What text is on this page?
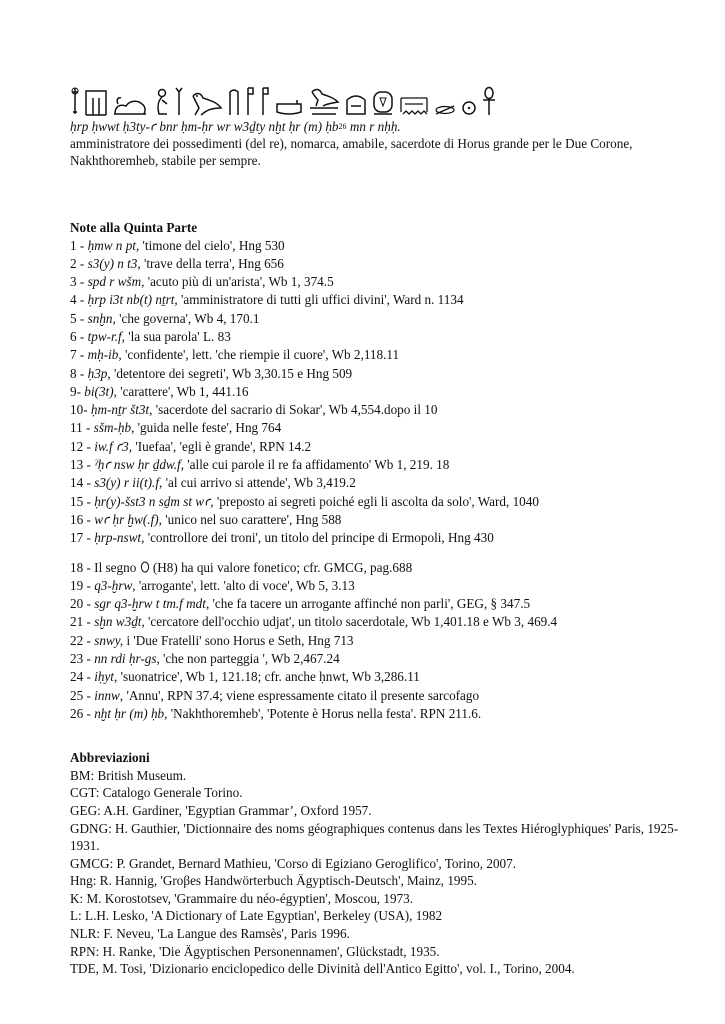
ḥrp ḥwwt ḥ3ty-ꜥ bnr ḥm-ḥr wr w3ḏty nḫt ḥr (m) ḥb$^{26}$ mn r nḥḥ.
amministratore dei possedimenti (del re), nomarca, amabile, sacerdote di Horus grande per le Due Corone, Nakhthoremheb, stabile per sempre.
Note alla Quinta Parte
1 - ḥmw n pt, 'timone del cielo', Hng 530
2 - s3(y) n t3, 'trave della terra', Hng 656
3 - spd r wšm, 'acuto più di un'arista', Wb 1, 374.5
4 - ḥrp i3t nb(t) nṯrt, 'amministratore di tutti gli uffici divini', Ward n. 1134
5 - snḫn, 'che governa', Wb 4, 170.1
6 - tpw-r.f, 'la sua parola' L. 83
7 - mḥ-ib, 'confidente', lett. 'che riempie il cuore', Wb 2,118.11
8 - ḥ3p, 'detentore dei segreti', Wb 3,30.15 e Hng 509
9- bi(3t), 'carattere', Wb 1, 441.16
10- ḥm-nṯr št3t, 'sacerdote del sacrario di Sokar', Wb 4,554.dopo il 10
11 - sšm-ḥb, 'guida nelle feste', Hng 764
12 - iw.f ꜥ3, 'Iuefaa', 'egli è grande', RPN 14.2
13 - ˀḥꜥ nsw ḥr ḏdw.f, 'alle cui parole il re fa affidamento' Wb 1, 219. 18
14 - s3(y) r ii(t).f, 'al cui arrivo si attende', Wb 3,419.2
15 - ḥr(y)-šst3 n sḏm st wꜥ, 'preposto ai segreti poiché egli li ascolta da solo', Ward, 1040
16 - wꜥ ḥr ḫw(.f), 'unico nel suo carattere', Hng 588
17 - ḥrp-nswt, 'controllore dei troni', un titolo del principe di Ermopoli, Hng 430
18 - Il segno  (H8) ha qui valore fonetico; cfr. GMCG, pag.688
19 - q3-ḫrw, 'arrogante', lett. 'alto di voce', Wb 5, 3.13
20 - sgr q3-ḫrw t tm.f mdt, 'che fa tacere un arrogante affinché non parli', GEG, § 347.5
21 - sḫn w3ḏt, 'cercatore dell'occhio udjat', un titolo sacerdotale, Wb 1,401.18 e Wb 3, 469.4
22 - snwy, i 'Due Fratelli' sono Horus e Seth, Hng 713
23 - nn rdi ḥr-gs, 'che non parteggia ', Wb 2,467.24
24 - iḥyt, 'suonatrice', Wb 1, 121.18; cfr. anche ḥnwt, Wb 3,286.11
25 - innw, 'Annu', RPN 37.4; viene espressamente citato il presente sarcofago
26 - nḫt ḥr (m) ḥb, 'Nakhthoremheb', 'Potente è Horus nella festa'. RPN 211.6.
Abbreviazioni
BM: British Museum.
CGT: Catalogo Generale Torino.
GEG: A.H. Gardiner, 'Egyptian Grammar’, Oxford 1957.
GDNG: H. Gauthier, 'Dictionnaire des noms géographiques contenus dans les Textes Hiéroglyphiques' Paris, 1925-1931.
GMCG: P. Grandet, Bernard Mathieu, 'Corso di Egiziano Geroglifico', Torino, 2007.
Hng: R. Hannig, 'Groβes Handwörterbuch Ägyptisch-Deutsch', Mainz, 1995.
K: M. Korostotsev, 'Grammaire du néo-égyptien', Moscou, 1973.
L: L.H. Lesko, 'A Dictionary of Late Egyptian', Berkeley (USA), 1982
NLR: F. Neveu, 'La Langue des Ramsès', Paris 1996.
RPN: H. Ranke, 'Die Ägyptischen Personennamen', Glückstadt, 1935.
TDE, M. Tosi, 'Dizionario enciclopedico delle Divinità dell'Antico Egitto', vol. I., Torino, 2004.
